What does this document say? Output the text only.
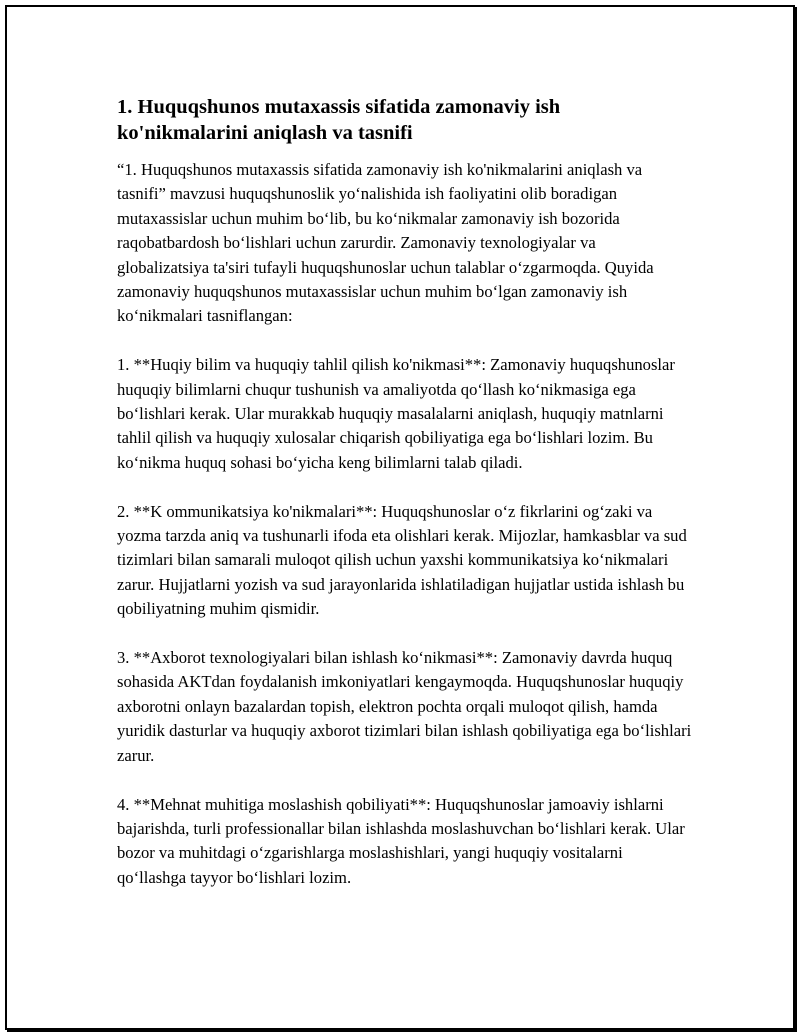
1. Huquqshunos mutaxassis sifatida zamonaviy ish ko'nikmalarini aniqlash va tasnifi

“1. Huquqshunos mutaxassis sifatida zamonaviy ish ko'nikmalarini aniqlash va tasnifi” mavzusi huquqshunoslik yo‘nalishida ish faoliyatini olib boradigan mutaxassislar uchun muhim bo‘lib, bu ko‘nikmalar zamonaviy ish bozorida raqobatbardosh bo‘lishlari uchun zarurdir. Zamonaviy texnologiyalar va globalizatsiya ta'siri tufayli huquqshunoslar uchun talablar o‘zgarmoqda. Quyida zamonaviy huquqshunos mutaxassislar uchun muhim bo‘lgan zamonaviy ish ko‘nikmalari tasniflangan:

1. **Huqiy bilim va huquqiy tahlil qilish ko'nikmasi**: Zamonaviy huquqshunoslar huquqiy bilimlarni chuqur tushunish va amaliyotda qo‘llash ko‘nikmasiga ega bo‘lishlari kerak. Ular murakkab huquqiy masalalarni aniqlash, huquqiy matnlarni tahlil qilish va huquqiy xulosalar chiqarish qobiliyatiga ega bo‘lishlari lozim. Bu ko‘nikma huquq sohasi bo‘yicha keng bilimlarni talab qiladi.

2. **K ommunikatsiya ko'nikmalari**: Huquqshunoslar o‘z fikrlarini og‘zaki va yozma tarzda aniq va tushunarli ifoda eta olishlari kerak. Mijozlar, hamkasblar va sud tizimlari bilan samarali muloqot qilish uchun yaxshi kommunikatsiya ko‘nikmalari zarur. Hujjatlarni yozish va sud jarayonlarida ishlatiladigan hujjatlar ustida ishlash bu qobiliyatning muhim qismidir.

3. **Axborot texnologiyalari bilan ishlash ko‘nikmasi**: Zamonaviy davrda huquq sohasida AKTdan foydalanish imkoniyatlari kengaymoqda. Huquqshunoslar huquqiy axborotni onlayn bazalardan topish, elektron pochta orqali muloqot qilish, hamda yuridik dasturlar va huquqiy axborot tizimlari bilan ishlash qobiliyatiga ega bo‘lishlari zarur.

4. **Mehnat muhitiga moslashish qobiliyati**: Huquqshunoslar jamoaviy ishlarni bajarishda, turli professionallar bilan ishlashda moslashuvchan bo‘lishlari kerak. Ular bozor va muhitdagi o‘zgarishlarga moslashishlari, yangi huquqiy vositalarni qo‘llashga tayyor bo‘lishlari lozim.
